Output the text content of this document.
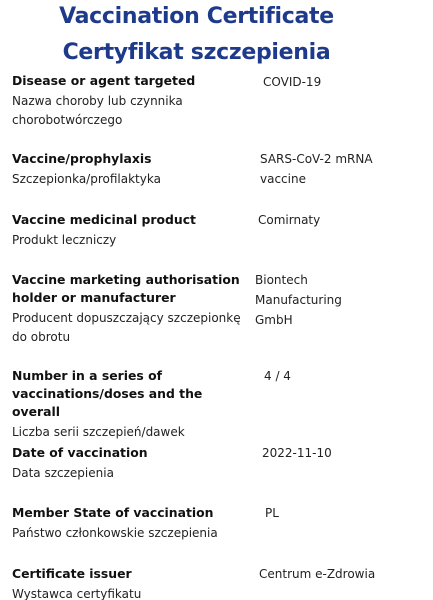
Vaccination Certificate
Certyfikat szczepienia
Disease or agent targeted
Nazwa choroby lub czynnika chorobotwórczego
COVID-19
Vaccine/prophylaxis
Szczepionka/profilaktyka
SARS-CoV-2 mRNA vaccine
Vaccine medicinal product
Produkt leczniczy
Comirnaty
Vaccine marketing authorisation holder or manufacturer
Producent dopuszczający szczepionkę do obrotu
Biontech Manufacturing GmbH
Number in a series of vaccinations/doses and the overall
Liczba serii szczepień/dawek
4 / 4
Date of vaccination
Data szczepienia
2022-11-10
Member State of vaccination
Państwo członkowskie szczepienia
PL
Certificate issuer
Wystawca certyfikatu
Centrum e-Zdrowia
